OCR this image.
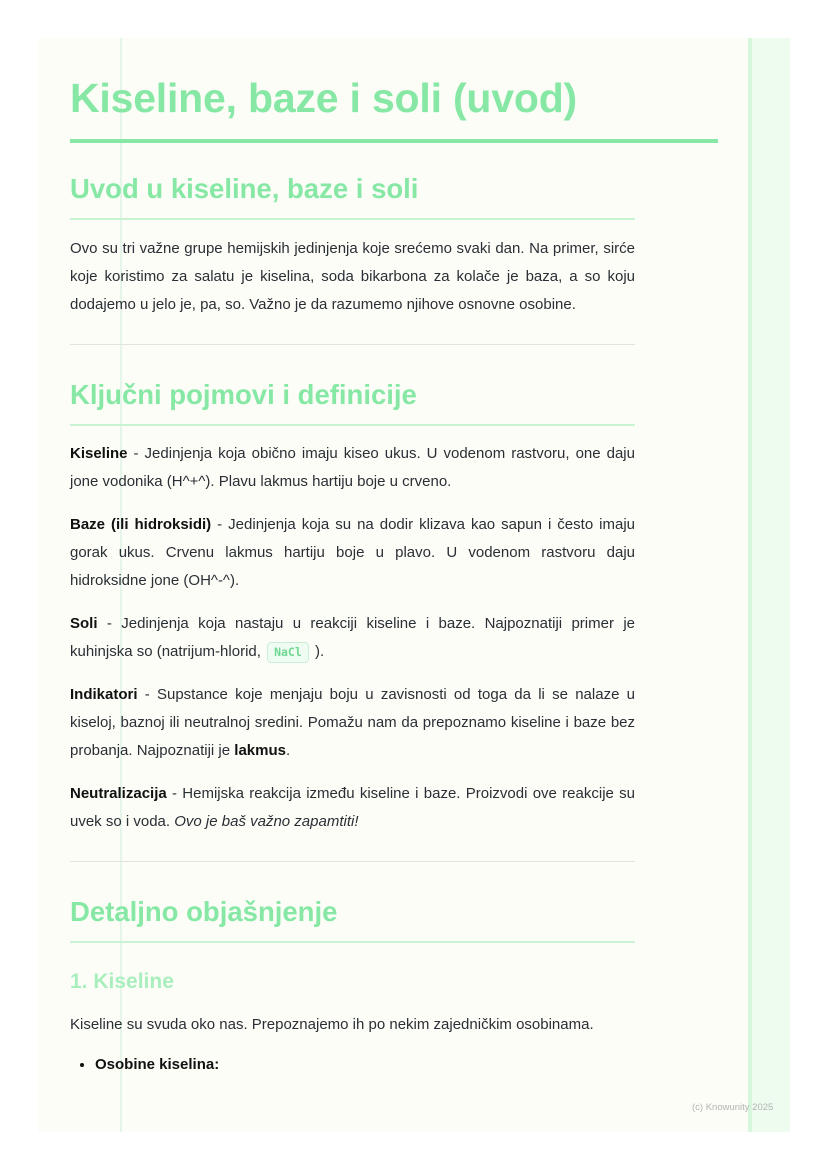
Kiseline, baze i soli (uvod)
Uvod u kiseline, baze i soli

Ovo su tri važne grupe hemijskih jedinjenja koje srećemo svaki dan. Na primer, sirće koje koristimo za salatu je kiselina, soda bikarbona za kolače je baza, a so koju dodajemo u jelo je, pa, so. Važno je da razumemo njihove osnovne osobine.

Ključni pojmovi i definicije

Kiseline - Jedinjenja koja obično imaju kiseo ukus. U vodenom rastvoru, one daju jone vodonika (H^+^). Plavu lakmus hartiju boje u crveno.

Baze (ili hidroksidi) - Jedinjenja koja su na dodir klizava kao sapun i često imaju gorak ukus. Crvenu lakmus hartiju boje u plavo. U vodenom rastvoru daju hidroksidne jone (OH^-^).

Soli - Jedinjenja koja nastaju u reakciji kiseline i baze. Najpoznatiji primer je kuhinjska so (natrijum-hlorid, NaCl ).

Indikatori - Supstance koje menjaju boju u zavisnosti od toga da li se nalaze u kiseloj, baznoj ili neutralnoj sredini. Pomažu nam da prepoznamo kiseline i baze bez probanja. Najpoznatiji je lakmus.

Neutralizacija - Hemijska reakcija između kiseline i baze. Proizvodi ove reakcije su uvek so i voda. Ovo je baš važno zapamtiti!

Detaljno objašnjenje
1. Kiseline

Kiseline su svuda oko nas. Prepoznajemo ih po nekim zajedničkim osobinama.

• Osobine kiselina:
(c) Knowunity 2025
